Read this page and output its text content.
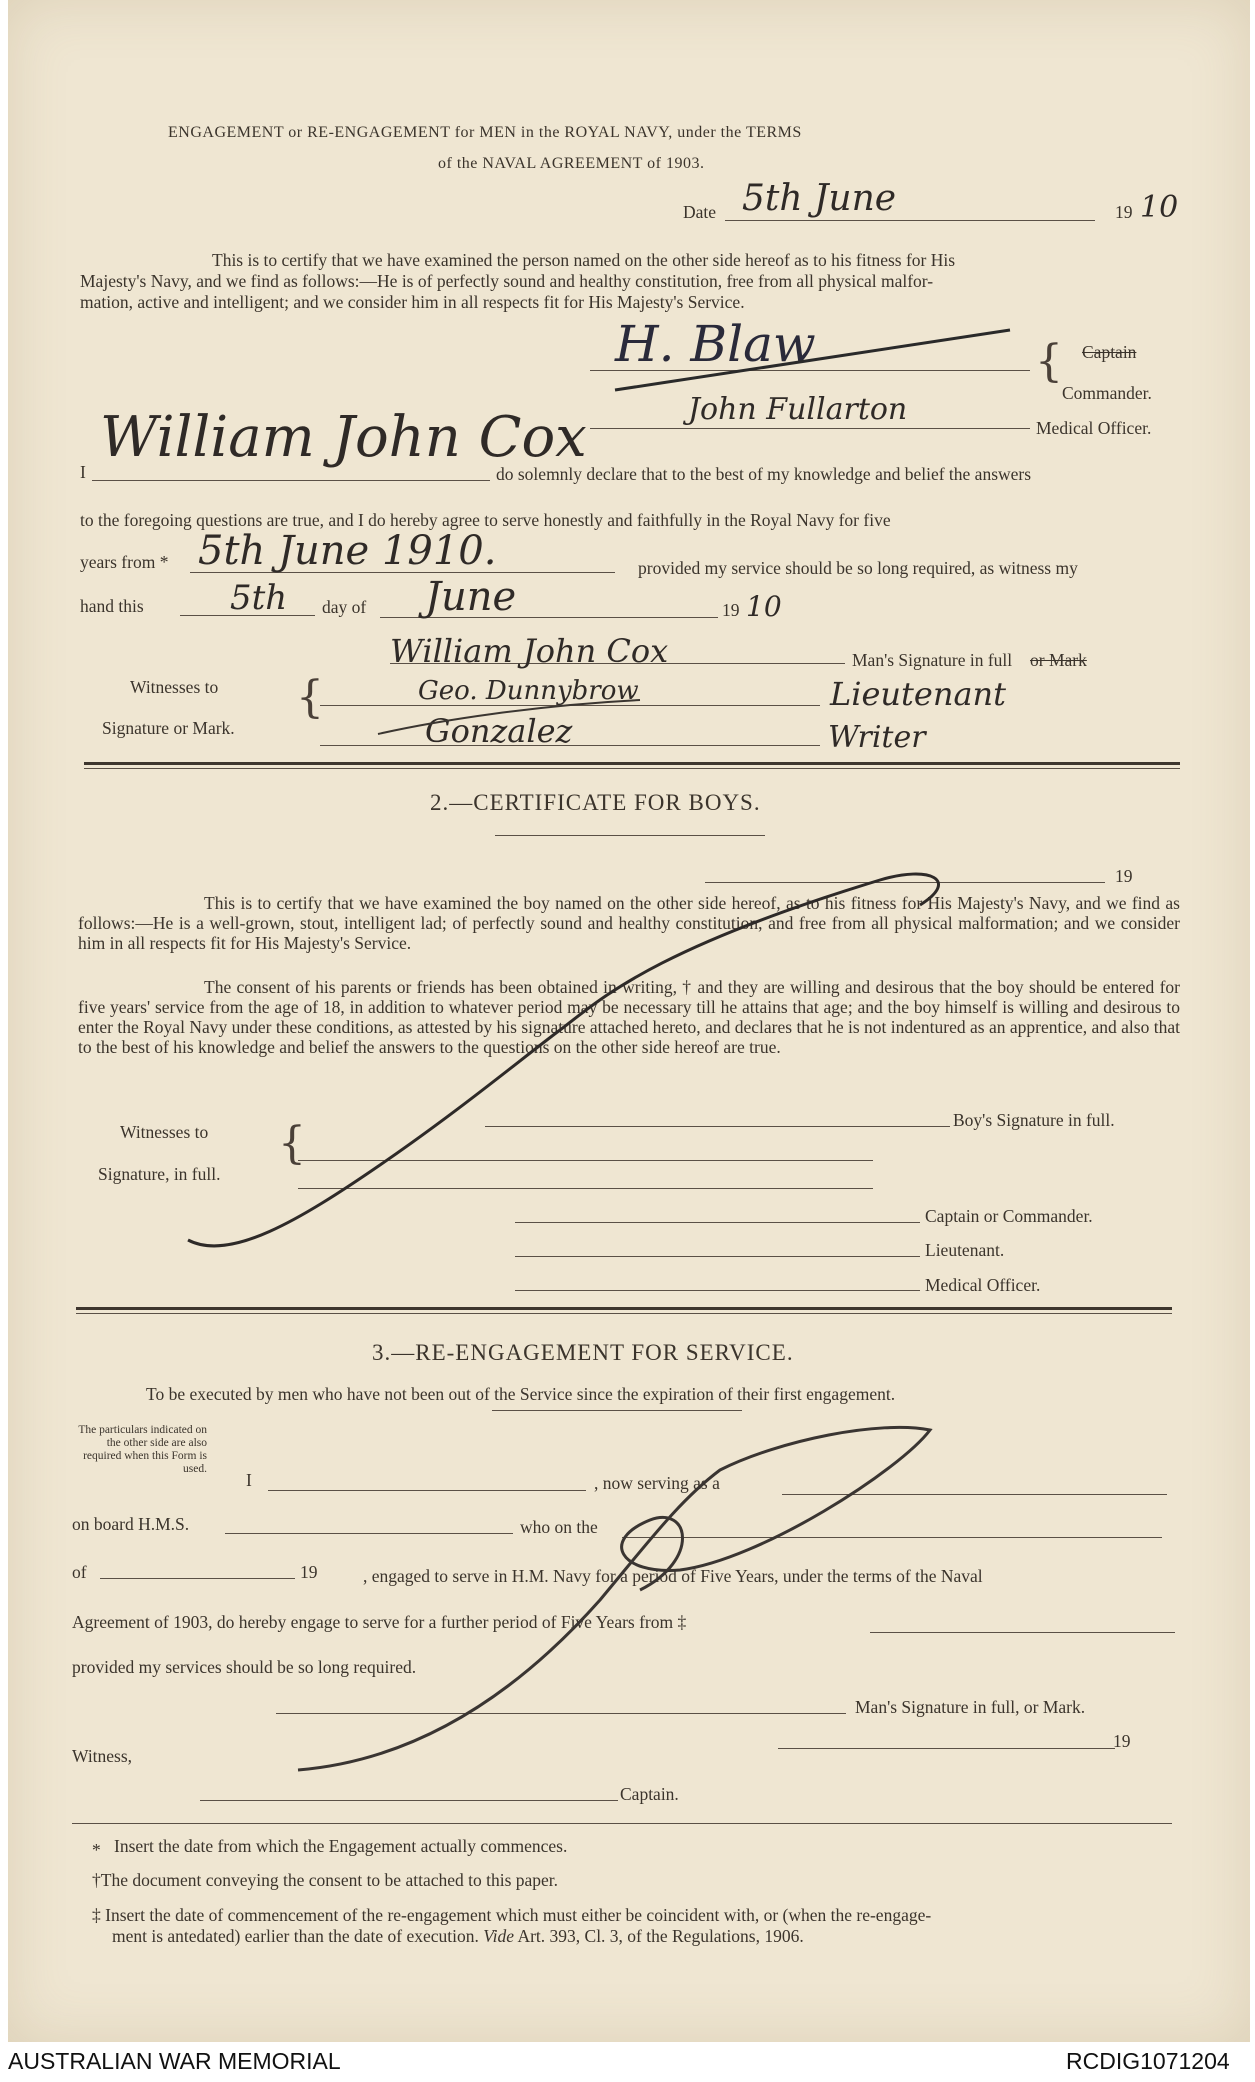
ENGAGEMENT or RE-ENGAGEMENT for MEN in the ROYAL NAVY, under the TERMS
of the NAVAL AGREEMENT of 1903.
Date 5th June	19 10
This is to certify that we have examined the person named on the other side hereof as to his fitness for His
Majesty's Navy, and we find as follows:—He is of perfectly sound and healthy constitution, free from all physical malfor-
mation, active and intelligent; and we consider him in all respects fit for His Majesty's Service.
H. Blaw	{ Captain
Commander.
John Fullarton
Medical Officer.
I
William John Cox
do solemnly declare that to the best of my knowledge and belief the answers
to the foregoing questions are true, and I do hereby agree to serve honestly and faithfully in the Royal Navy for five
years from * 5th June 1910.	provided my service should be so long required, as witness my
hand this	5th day of June	19 10
William John Cox	Man's Signature in full or Mark
Witnesses to
Signature or Mark.
{	Geo. Dunnybrow	Lieutenant
Gonzalez	Writer
2.—CERTIFICATE FOR BOYS.
19
This is to certify that we have examined the boy named on the other side hereof, as to his fitness for His Majesty's Navy, and we find as follows:—He is a well-grown, stout, intelligent lad; of perfectly sound and healthy constitution, and free from all physical malformation; and we consider him in all respects fit for His Majesty's Service.
The consent of his parents or friends has been obtained in writing, † and they are willing and desirous that the boy should be entered for five years' service from the age of 18, in addition to whatever period may be necessary till he attains that age; and the boy himself is willing and desirous to enter the Royal Navy under these conditions, as attested by his signature attached hereto, and declares that he is not indentured as an apprentice, and also that to the best of his knowledge and belief the answers to the questions on the other side hereof are true.
Boy's Signature in full.
Witnesses to
Signature, in full.
{
Captain or Commander.
Lieutenant.
Medical Officer.
3.—RE-ENGAGEMENT FOR SERVICE.
To be executed by men who have not been out of the Service since the expiration of their first engagement.
The particulars indicated on the other side are also required when this Form is used.
I	, now serving as a
on board H.M.S.	who on the
of	19	, engaged to serve in H.M. Navy for a period of Five Years, under the terms of the Naval
Agreement of 1903, do hereby engage to serve for a further period of Five Years from ‡
provided my services should be so long required.
Man's Signature in full, or Mark.
19
Witness,
Captain.
* Insert the date from which the Engagement actually commences.
†The document conveying the consent to be attached to this paper.
‡ Insert the date of commencement of the re-engagement which must either be coincident with, or (when the re-engage-
ment is antedated) earlier than the date of execution. Vide Art. 393, Cl. 3, of the Regulations, 1906.
AUSTRALIAN WAR MEMORIAL	RCDIG1071204
